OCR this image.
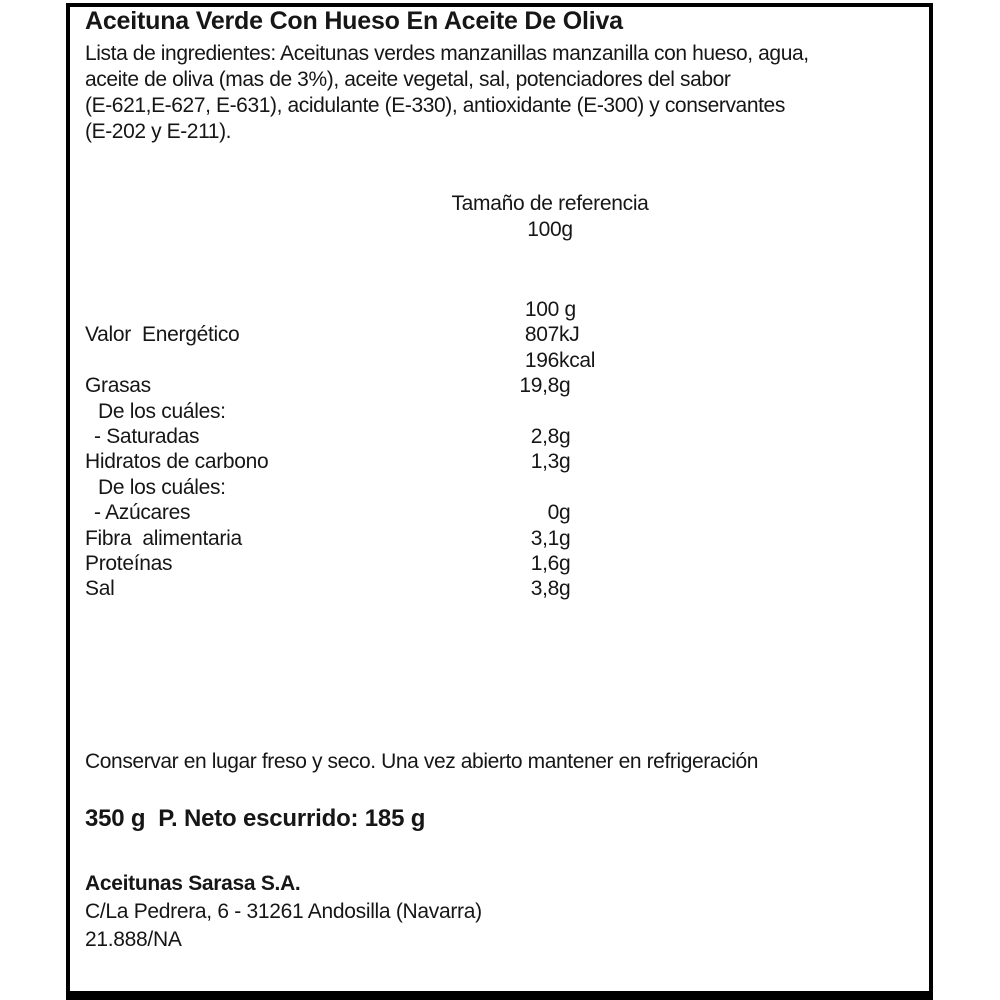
Aceituna Verde Con Hueso En Aceite De Oliva
Lista de ingredientes: Aceitunas verdes manzanillas manzanilla con hueso, agua,
aceite de oliva (mas de 3%), aceite vegetal, sal, potenciadores del sabor
(E-621,E-627, E-631), acidulante (E-330), antioxidante (E-300) y conservantes
(E-202 y E-211).
Tamaño de referencia
100g
100 g
Valor  Energético	807 kJ
196 kcal
Grasas	19,8 g
De los cuáles:
- Saturadas	2,8 g
Hidratos de carbono	1,3 g
De los cuáles:
- Azúcares	0 g
Fibra  alimentaria	3,1 g
Proteínas	1,6 g
Sal	3,8 g
Conservar en lugar freso y seco. Una vez abierto mantener en refrigeración
350 g  P. Neto escurrido: 185 g
Aceitunas Sarasa S.A.
C/La Pedrera, 6 - 31261 Andosilla (Navarra)
21.888/NA
